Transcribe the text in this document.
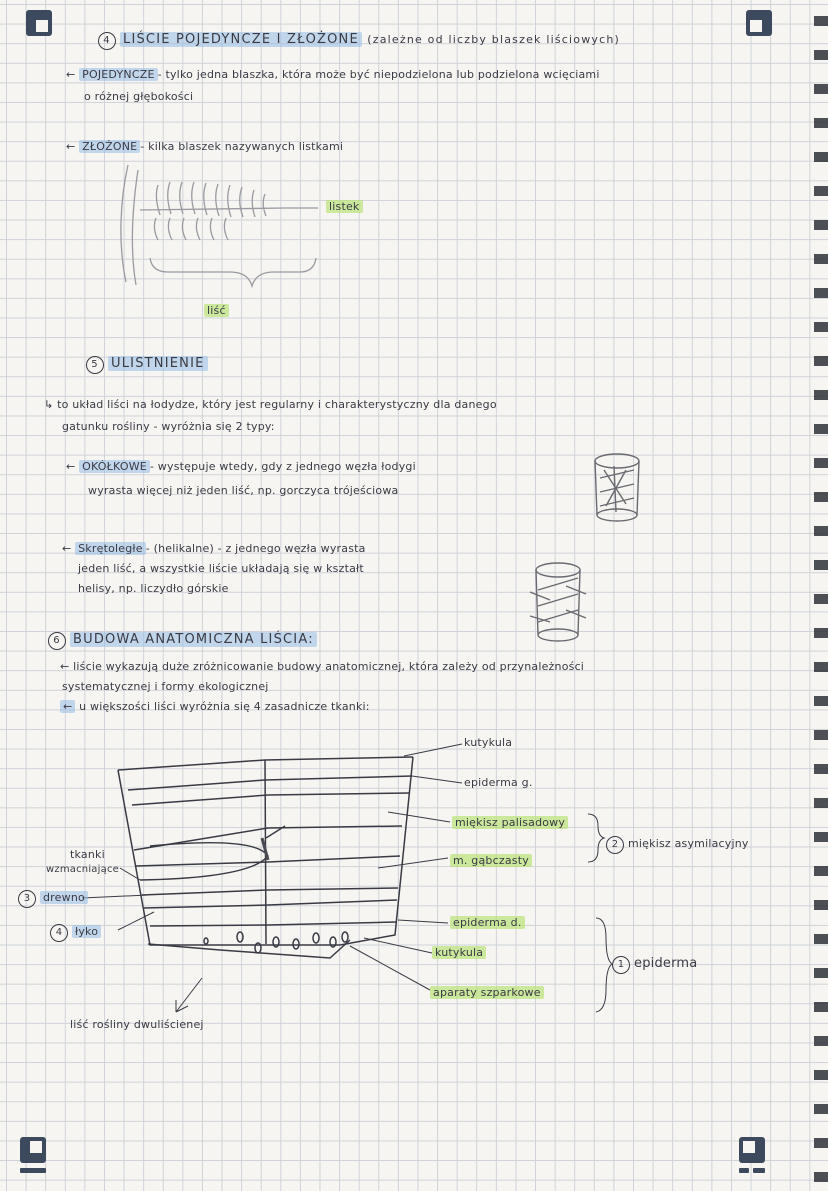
4 LIŚCIE POJEDYNCZE I ZŁOŻONE (zależne od liczby blaszek liściowych)
← POJEDYNCZE - tylko jedna blaszka, która może być niepodzielona lub podzielona wcięciami
o różnej głębokości
← ZŁOŻONE - kilka blaszek nazywanych listkami
listek
liść
5 ULISTNIENIE
↳ to układ liści na łodydze, który jest regularny i charakterystyczny dla danego
gatunku rośliny - wyróżnia się 2 typy:
← OKÓŁKOWE - występuje wtedy, gdy z jednego węzła łodygi
wyrasta więcej niż jeden liść, np. gorczyca trójeściowa
← Skrętoległe - (helikalne) - z jednego węzła wyrasta
jeden liść, a wszystkie liście układają się w kształt
helisy, np. liczydło górskie
6 BUDOWA ANATOMICZNA LIŚCIA:
← liście wykazują duże zróżnicowanie budowy anatomicznej, która zależy od przynależności
systematycznej i formy ekologicznej
← u większości liści wyróżnia się 4 zasadnicze tkanki:
kutykula
epiderma g.
miękisz palisadowy
m. gąbczasty
2 miękisz asymilacyjny
tkanki
wzmacniające
3 drewno
4 łyko
epiderma d.
kutykula
aparaty szparkowe
1 epiderma
liść rośliny dwuliścienej
